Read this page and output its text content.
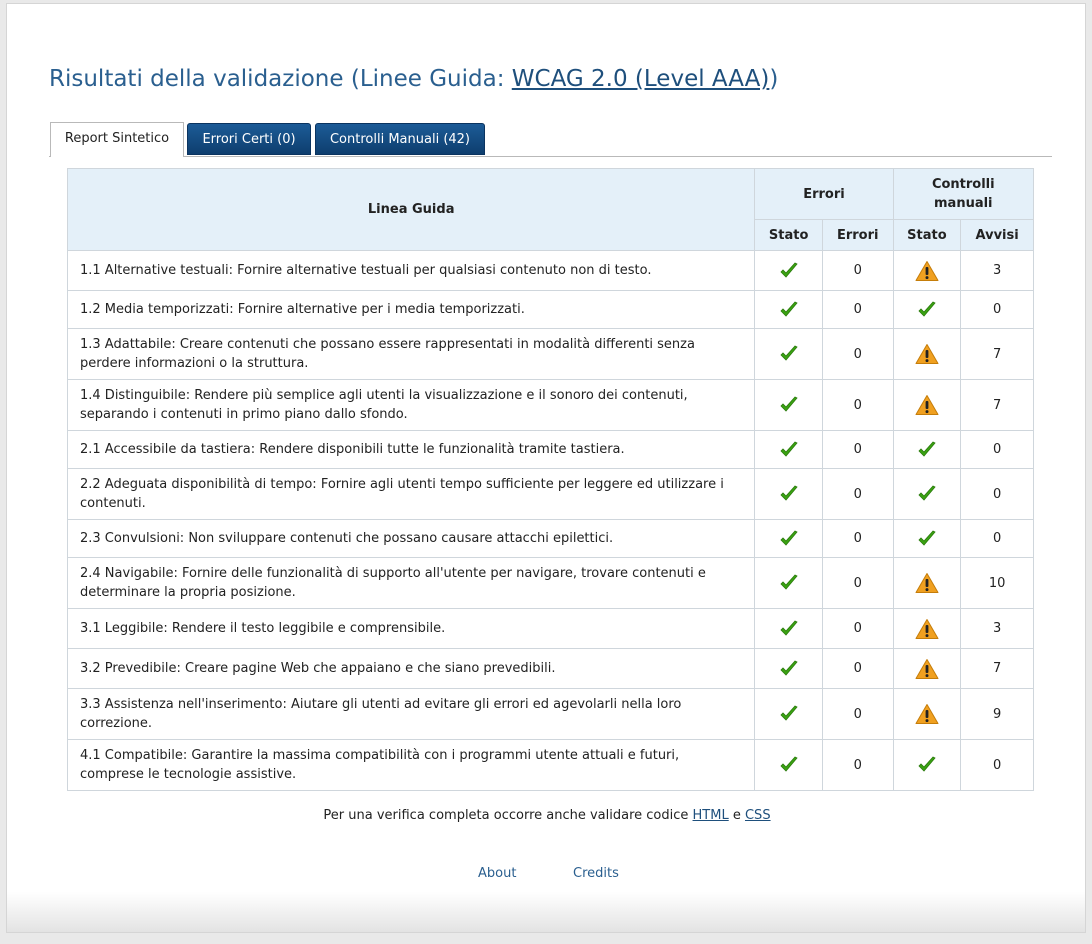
Risultati della validazione (Linee Guida: WCAG 2.0 (Level AAA))
Report Sintetico	Errori Certi (0)	Controlli Manuali (42)
Linea Guida	Errori		Controlli manuali	
	Stato	Errori	Stato	Avvisi
1.1 Alternative testuali: Fornire alternative testuali per qualsiasi contenuto non di testo.		0		3
1.2 Media temporizzati: Fornire alternative per i media temporizzati.		0		0
1.3 Adattabile: Creare contenuti che possano essere rappresentati in modalità differenti senza perdere informazioni o la struttura.		0		7
1.4 Distinguibile: Rendere più semplice agli utenti la visualizzazione e il sonoro dei contenuti, separando i contenuti in primo piano dallo sfondo.		0		7
2.1 Accessibile da tastiera: Rendere disponibili tutte le funzionalità tramite tastiera.		0		0
2.2 Adeguata disponibilità di tempo: Fornire agli utenti tempo sufficiente per leggere ed utilizzare i contenuti.		0		0
2.3 Convulsioni: Non sviluppare contenuti che possano causare attacchi epilettici.		0		0
2.4 Navigabile: Fornire delle funzionalità di supporto all'utente per navigare, trovare contenuti e determinare la propria posizione.		0		10
3.1 Leggibile: Rendere il testo leggibile e comprensibile.		0		3
3.2 Prevedibile: Creare pagine Web che appaiano e che siano prevedibili.		0		7
3.3 Assistenza nell'inserimento: Aiutare gli utenti ad evitare gli errori ed agevolarli nella loro correzione.		0		9
4.1 Compatibile: Garantire la massima compatibilità con i programmi utente attuali e futuri, comprese le tecnologie assistive.		0		0
Per una verifica completa occorre anche validare codice HTML e CSS
About	Credits
